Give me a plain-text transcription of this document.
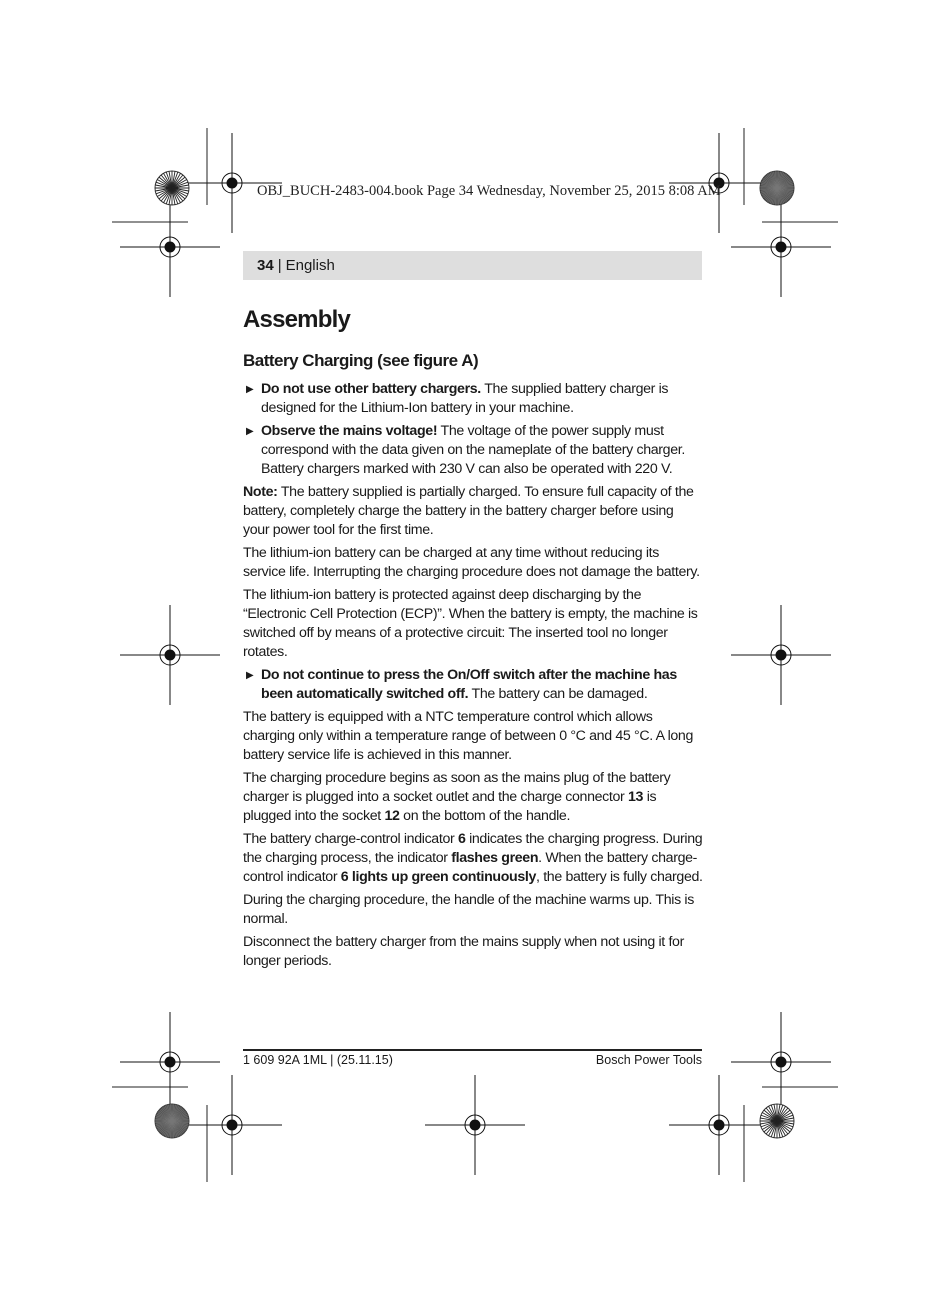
OBJ_BUCH-2483-004.book Page 34 Wednesday, November 25, 2015 8:08 AM
34 | English
Assembly
Battery Charging (see figure A)
▶ Do not use other battery chargers. The supplied battery charger is designed for the Lithium-Ion battery in your machine.
▶ Observe the mains voltage! The voltage of the power supply must correspond with the data given on the nameplate of the battery charger. Battery chargers marked with 230 V can also be operated with 220 V.

Note: The battery supplied is partially charged. To ensure full capacity of the battery, completely charge the battery in the battery charger before using your power tool for the first time.

The lithium-ion battery can be charged at any time without reducing its service life. Interrupting the charging procedure does not damage the battery.

The lithium-ion battery is protected against deep discharging by the “Electronic Cell Protection (ECP)”. When the battery is empty, the machine is switched off by means of a protective circuit: The inserted tool no longer rotates.

▶ Do not continue to press the On/Off switch after the machine has been automatically switched off. The battery can be damaged.

The battery is equipped with a NTC temperature control which allows charging only within a temperature range of between 0 °C and 45 °C. A long battery service life is achieved in this manner.

The charging procedure begins as soon as the mains plug of the battery charger is plugged into a socket outlet and the charge connector 13 is plugged into the socket 12 on the bottom of the handle.

The battery charge-control indicator 6 indicates the charging progress. During the charging process, the indicator flashes green. When the battery charge-control indicator 6 lights up green continuously, the battery is fully charged.

During the charging procedure, the handle of the machine warms up. This is normal.

Disconnect the battery charger from the mains supply when not using it for longer periods.

1 609 92A 1ML | (25.11.15)	Bosch Power Tools
